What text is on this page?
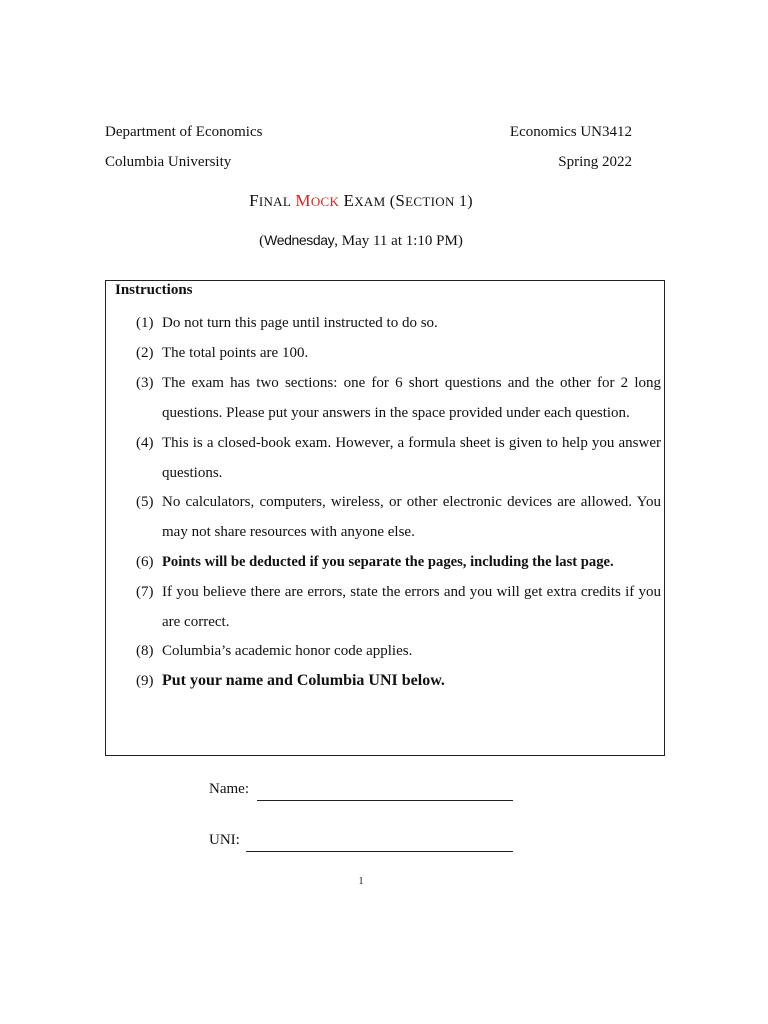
Department of Economics	Economics UN3412
Columbia University	Spring 2022
FINAL MOCK EXAM (SECTION 1)
(Wednesday, May 11 at 1:10 PM)
Instructions
(1) Do not turn this page until instructed to do so.
(2) The total points are 100.
(3) The exam has two sections: one for 6 short questions and the other for 2 long questions. Please put your answers in the space provided under each question.
(4) This is a closed-book exam. However, a formula sheet is given to help you answer questions.
(5) No calculators, computers, wireless, or other electronic devices are allowed. You may not share resources with anyone else.
(6) Points will be deducted if you separate the pages, including the last page.
(7) If you believe there are errors, state the errors and you will get extra credits if you are correct.
(8) Columbia’s academic honor code applies.
(9) Put your name and Columbia UNI below.
Name:
UNI:
1
